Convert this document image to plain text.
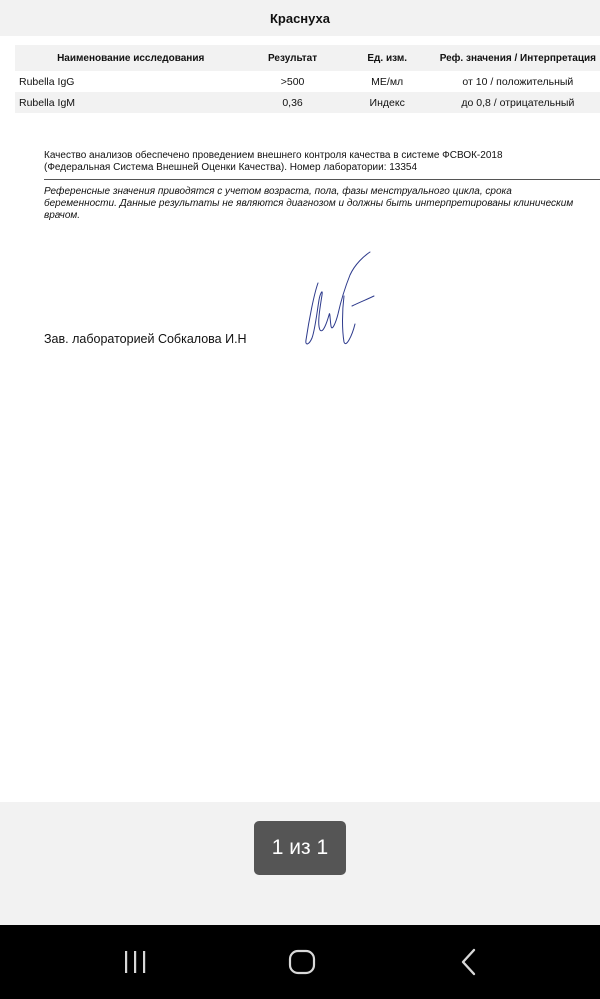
Краснуха
Наименование исследования	Результат	Ед. изм.	Реф. значения / Интерпретация
Rubella IgG	>500	МЕ/мл	от 10 / положительный
Rubella IgM	0,36	Индекс	до 0,8 / отрицательный
Качество анализов обеспечено проведением внешнего контроля качества в системе ФСВОК-2018
(Федеральная Система Внешней Оценки Качества). Номер лаборатории: 13354
Референсные значения приводятся с учетом возраста, пола, фазы менструального цикла, срока беременности. Данные результаты не являются диагнозом и должны быть интерпретированы клиническим врачом.
Зав. лабораторией Собкалова И.Н
1 из 1
